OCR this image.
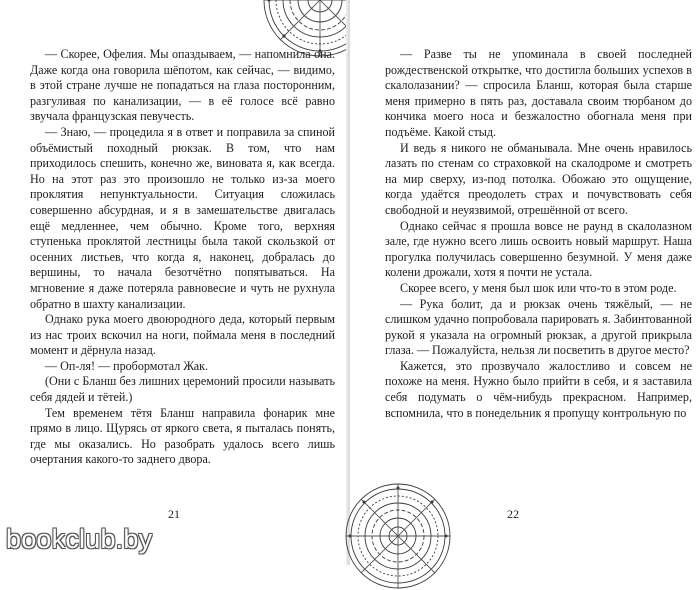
— Скорее, Офелия. Мы опаздываем, — напомнила она. Даже когда она говорила шёпотом, как сейчас, — видимо, в этой стране лучше не попадаться на глаза посторонним, разгуливая по канализации, — в её голосе всё равно звучала французская певучесть.

— Знаю, — процедила я в ответ и поправила за спиной объёмистый походный рюкзак. В том, что нам приходилось спешить, конечно же, виновата я, как всегда. Но на этот раз это произошло не только из-за моего проклятия непунктуальности. Ситуация сложилась совершенно абсурдная, и я в замешательстве двигалась ещё медленнее, чем обычно. Кроме того, верхняя ступенька проклятой лестницы была такой скользкой от осенних листьев, что когда я, наконец, добралась до вершины, то начала безотчётно попятываться. На мгновение я даже потеряла равновесие и чуть не рухнула обратно в шахту канализации.

Однако рука моего двоюродного деда, который первым из нас троих вскочил на ноги, поймала меня в последний момент и дёрнула назад.

— Оп-ля! — пробормотал Жак.

(Они с Бланш без лишних церемоний просили называть себя дядей и тётей.)

Тем временем тётя Бланш направила фонарик мне прямо в лицо. Щурясь от яркого света, я пыталась понять, где мы оказались. Но разобрать удалось всего лишь очертания какого-то заднего двора.

21

— Разве ты не упоминала в своей последней рождественской открытке, что достигла больших успехов в скалолазании? — спросила Бланш, которая была старше меня примерно в пять раз, доставала своим тюрбаном до кончика моего носа и безжалостно обогнала меня при подъёме. Какой стыд.

И ведь я никого не обманывала. Мне очень нравилось лазать по стенам со страховкой на скалодроме и смотреть на мир сверху, из-под потолка. Обожаю это ощущение, когда удаётся преодолеть страх и почувствовать себя свободной и неуязвимой, отрешённой от всего.

Однако сейчас я прошла вовсе не раунд в скалолазном зале, где нужно всего лишь освоить новый маршрут. Наша прогулка получилась совершенно безумной. У меня даже колени дрожали, хотя я почти не устала.

Скорее всего, у меня был шок или что-то в этом роде.

— Рука болит, да и рюкзак очень тяжёлый, — не слишком удачно попробовала парировать я. Забинтованной рукой я указала на огромный рюкзак, а другой прикрыла глаза. — Пожалуйста, нельзя ли посветить в другое место?

Кажется, это прозвучало жалостливо и совсем не похоже на меня. Нужно было прийти в себя, и я заставила себя подумать о чём-нибудь прекрасном. Например, вспомнила, что в понедельник я пропущу контрольную по

22
bookclub.by
